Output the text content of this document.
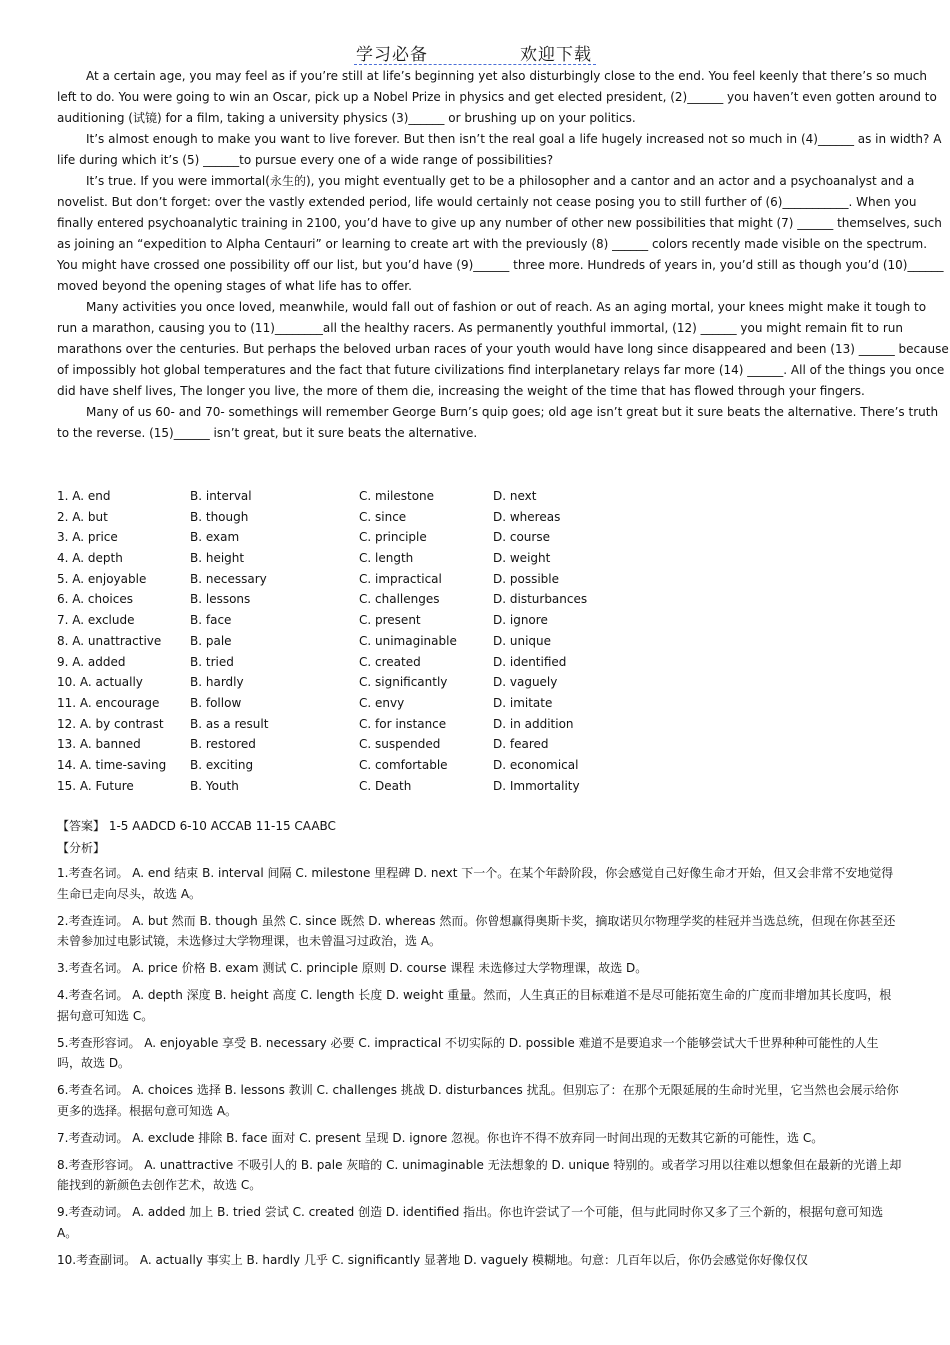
学习必备	欢迎下载

At a certain age, you may feel as if you’re still at life’s beginning yet also disturbingly close to the end. You feel keenly that there’s so much left to do. You were going to win an Oscar, pick up a Nobel Prize in physics and get elected president, (2)______ you haven’t even gotten around to auditioning (试镜) for a film, taking a university physics (3)______ or brushing up on your politics.

It’s almost enough to make you want to live forever. But then isn’t the real goal a life hugely increased not so much in (4)______ as in width? A life during which it’s (5) ______to pursue every one of a wide range of possibilities?

It’s true. If you were immortal(永生的), you might eventually get to be a philosopher and a cantor and an actor and a psychoanalyst and a novelist. But don’t forget: over the vastly extended period, life would certainly not cease posing you to still further of (6)___________. When you finally entered psychoanalytic training in 2100, you’d have to give up any number of other new possibilities that might (7) ______ themselves, such as joining an “expedition to Alpha Centauri” or learning to create art with the previously (8) ______ colors recently made visible on the spectrum. You might have crossed one possibility off our list, but you’d have (9)______ three more. Hundreds of years in, you’d still as though you’d (10)______ moved beyond the opening stages of what life has to offer.

Many activities you once loved, meanwhile, would fall out of fashion or out of reach. As an aging mortal, your knees might make it tough to run a marathon, causing you to (11)________all the healthy racers. As permanently youthful immortal, (12) ______ you might remain fit to run marathons over the centuries. But perhaps the beloved urban races of your youth would have long since disappeared and been (13) ______ because of impossibly hot global temperatures and the fact that future civilizations find interplanetary relays far more (14) ______. All of the things you once did have shelf lives, The longer you live, the more of them die, increasing the weight of the time that has flowed through your fingers.

Many of us 60- and 70- somethings will remember George Burn’s quip goes; old age isn’t great but it sure beats the alternative. There’s truth to the reverse. (15)______ isn’t great, but it sure beats the alternative.

1. A. end	B. interval	C. milestone	D. next
2. A. but	B. though	C. since	D. whereas
3. A. price	B. exam	C. principle	D. course
4. A. depth	B. height	C. length	D. weight
5. A. enjoyable	B. necessary	C. impractical	D. possible
6. A. choices	B. lessons	C. challenges	D. disturbances
7. A. exclude	B. face	C. present	D. ignore
8. A. unattractive B. pale	C. unimaginable	D. unique
9. A. added	B. tried	C. created	D. identified
10. A. actually	B. hardly	C. significantly	D. vaguely
11. A. encourage	B. follow	C. envy	D. imitate
12. A. by contrast B. as a result	C. for instance	D. in addition
13. A. banned	B. restored	C. suspended	D. feared
14. A. time-saving B. exciting	C. comfortable	D. economical
15. A. Future	B. Youth	C. Death	D. Immortality
【答案】 1-5 AADCD 6-10 ACCAB 11-15 CAABC
【分析】

1.考查名词。 A. end 结束 B. interval 间隔 C. milestone 里程碑 D. next 下一个。在某个年龄阶段，你会感觉自己好像生命才开始，但又会非常不安地觉得生命已走向尽头，故选 A。

2.考查连词。 A. but 然而 B. though 虽然 C. since 既然 D. whereas 然而。你曾想赢得奥斯卡奖，摘取诺贝尔物理学奖的桂冠并当选总统，但现在你甚至还未曾参加过电影试镜，未选修过大学物理课，也未曾温习过政治，选 A。

3.考查名词。 A. price 价格 B. exam 测试 C. principle 原则 D. course 课程 未选修过大学物理课，故选 D。

4.考查名词。 A. depth 深度 B. height 高度 C. length 长度 D. weight 重量。然而，人生真正的目标难道不是尽可能拓宽生命的广度而非增加其长度吗，根据句意可知选 C。

5.考查形容词。 A. enjoyable 享受 B. necessary 必要 C. impractical 不切实际的 D. possible 难道不是要追求一个能够尝试大千世界种种可能性的人生吗，故选 D。

6.考查名词。 A. choices 选择 B. lessons 教训 C. challenges 挑战 D. disturbances 扰乱。但别忘了：在那个无限延展的生命时光里，它当然也会展示给你更多的选择。根据句意可知选 A。

7.考查动词。 A. exclude 排除 B. face 面对 C. present 呈现 D. ignore 忽视。你也许不得不放弃同一时间出现的无数其它新的可能性，选 C。

8.考查形容词。 A. unattractive 不吸引人的 B. pale 灰暗的 C. unimaginable 无法想象的 D. unique 特别的。或者学习用以往难以想象但在最新的光谱上却能找到的新颜色去创作艺术，故选 C。

9.考查动词。 A. added 加上 B. tried 尝试 C. created 创造 D. identified 指出。你也许尝试了一个可能，但与此同时你又多了三个新的，根据句意可知选 A。

10.考查副词。 A. actually 事实上 B. hardly 几乎 C. significantly 显著地 D. vaguely 模糊地。句意：几百年以后，你仍会感觉你好像仅仅
